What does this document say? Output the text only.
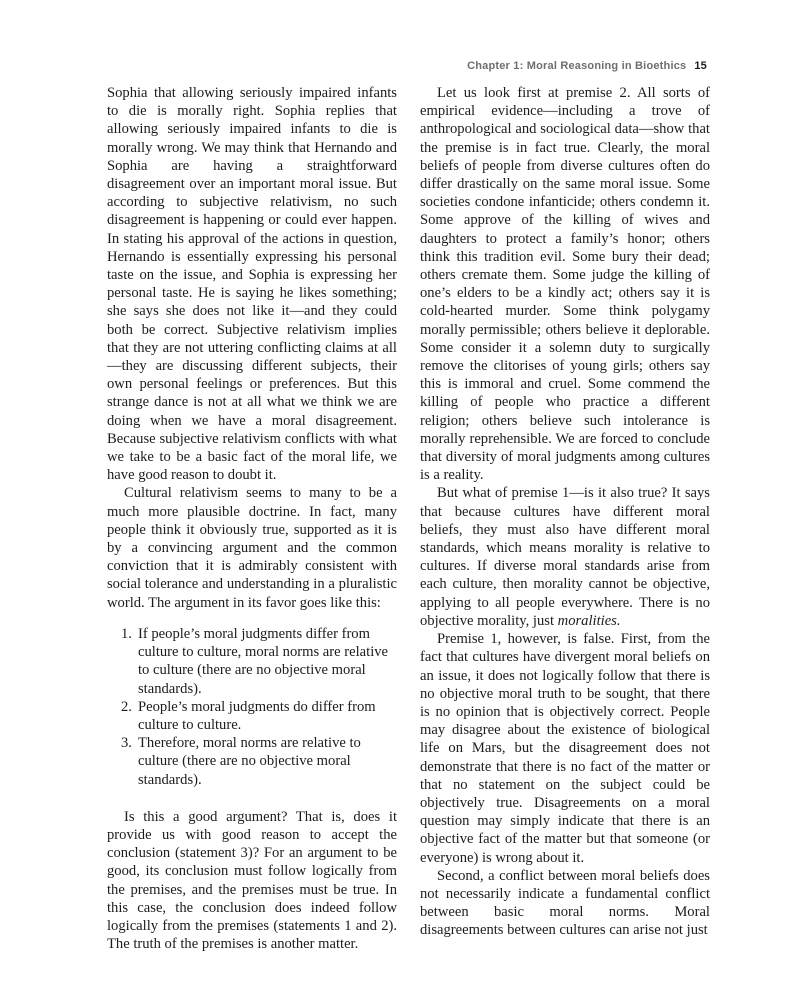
Chapter 1: Moral Reasoning in Bioethics 15

Sophia that allowing seriously impaired infants to die is morally right. Sophia replies that allowing seriously impaired infants to die is morally wrong. We may think that Hernando and Sophia are having a straightforward disagreement over an important moral issue. But according to subjective relativism, no such disagreement is happening or could ever happen. In stating his approval of the actions in question, Hernando is essentially expressing his personal taste on the issue, and Sophia is expressing her personal taste. He is saying he likes something; she says she does not like it—and they could both be correct. Subjective relativism implies that they are not uttering conflicting claims at all—they are discussing different subjects, their own personal feelings or preferences. But this strange dance is not at all what we think we are doing when we have a moral disagreement. Because subjective relativism conflicts with what we take to be a basic fact of the moral life, we have good reason to doubt it.

Cultural relativism seems to many to be a much more plausible doctrine. In fact, many people think it obviously true, supported as it is by a convincing argument and the common conviction that it is admirably consistent with social tolerance and understanding in a pluralistic world. The argument in its favor goes like this:

1. If people’s moral judgments differ from culture to culture, moral norms are relative to culture (there are no objective moral standards).
2. People’s moral judgments do differ from culture to culture.
3. Therefore, moral norms are relative to culture (there are no objective moral standards).

Is this a good argument? That is, does it provide us with good reason to accept the conclusion (statement 3)? For an argument to be good, its conclusion must follow logically from the premises, and the premises must be true. In this case, the conclusion does indeed follow logically from the premises (statements 1 and 2). The truth of the premises is another matter.

Let us look first at premise 2. All sorts of empirical evidence—including a trove of anthropological and sociological data—show that the premise is in fact true. Clearly, the moral beliefs of people from diverse cultures often do differ drastically on the same moral issue. Some societies condone infanticide; others condemn it. Some approve of the killing of wives and daughters to protect a family’s honor; others think this tradition evil. Some bury their dead; others cremate them. Some judge the killing of one’s elders to be a kindly act; others say it is cold-hearted murder. Some think polygamy morally permissible; others believe it deplorable. Some consider it a solemn duty to surgically remove the clitorises of young girls; others say this is immoral and cruel. Some commend the killing of people who practice a different religion; others believe such intolerance is morally reprehensible. We are forced to conclude that diversity of moral judgments among cultures is a reality.

But what of premise 1—is it also true? It says that because cultures have different moral beliefs, they must also have different moral standards, which means morality is relative to cultures. If diverse moral standards arise from each culture, then morality cannot be objective, applying to all people everywhere. There is no objective morality, just moralities.

Premise 1, however, is false. First, from the fact that cultures have divergent moral beliefs on an issue, it does not logically follow that there is no objective moral truth to be sought, that there is no opinion that is objectively correct. People may disagree about the existence of biological life on Mars, but the disagreement does not demonstrate that there is no fact of the matter or that no statement on the subject could be objectively true. Disagreements on a moral question may simply indicate that there is an objective fact of the matter but that someone (or everyone) is wrong about it.

Second, a conflict between moral beliefs does not necessarily indicate a fundamental conflict between basic moral norms. Moral disagreements between cultures can arise not just
